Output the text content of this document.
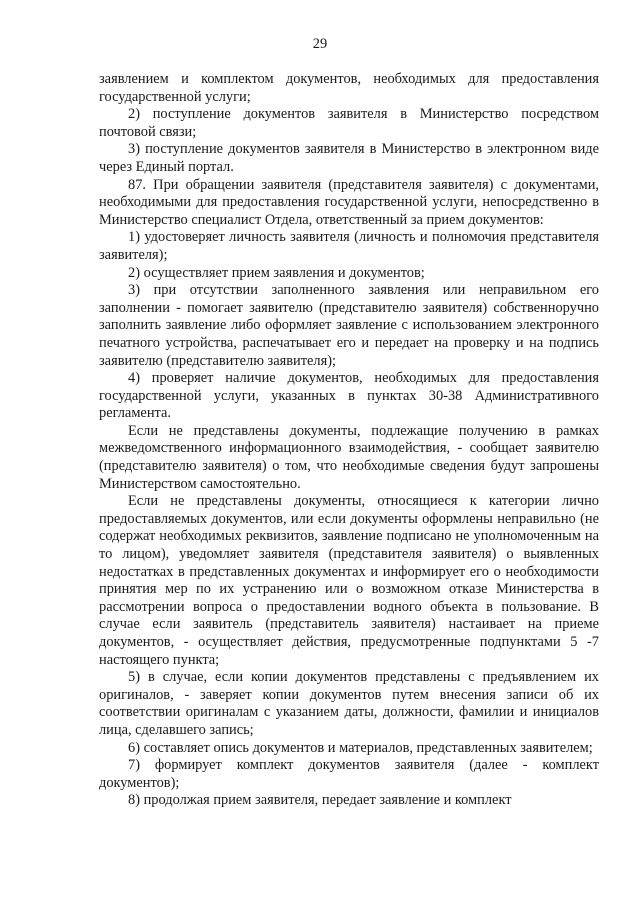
29

заявлением и комплектом документов, необходимых для предоставления государственной услуги;

2) поступление документов заявителя в Министерство посредством почтовой связи;

3) поступление документов заявителя в Министерство в электронном виде через Единый портал.

87. При обращении заявителя (представителя заявителя) с документами, необходимыми для предоставления государственной услуги, непосредственно в Министерство специалист Отдела, ответственный за прием документов:

1) удостоверяет личность заявителя (личность и полномочия представителя заявителя);

2) осуществляет прием заявления и документов;

3) при отсутствии заполненного заявления или неправильном его заполнении - помогает заявителю (представителю заявителя) собственноручно заполнить заявление либо оформляет заявление с использованием электронного печатного устройства, распечатывает его и передает на проверку и на подпись заявителю (представителю заявителя);

4) проверяет наличие документов, необходимых для предоставления государственной услуги, указанных в пунктах 30-38 Административного регламента.

Если не представлены документы, подлежащие получению в рамках межведомственного информационного взаимодействия, - сообщает заявителю (представителю заявителя) о том, что необходимые сведения будут запрошены Министерством самостоятельно.

Если не представлены документы, относящиеся к категории лично предоставляемых документов, или если документы оформлены неправильно (не содержат необходимых реквизитов, заявление подписано не уполномоченным на то лицом), уведомляет заявителя (представителя заявителя) о выявленных недостатках в представленных документах и информирует его о необходимости принятия мер по их устранению или о возможном отказе Министерства в рассмотрении вопроса о предоставлении водного объекта в пользование. В случае если заявитель (представитель заявителя) настаивает на приеме документов, - осуществляет действия, предусмотренные подпунктами 5 -7 настоящего пункта;

5) в случае, если копии документов представлены с предъявлением их оригиналов, - заверяет копии документов путем внесения записи об их соответствии оригиналам с указанием даты, должности, фамилии и инициалов лица, сделавшего запись;

6) составляет опись документов и материалов, представленных заявителем;

7) формирует комплект документов заявителя (далее - комплект документов);

8) продолжая прием заявителя, передает заявление и комплект
